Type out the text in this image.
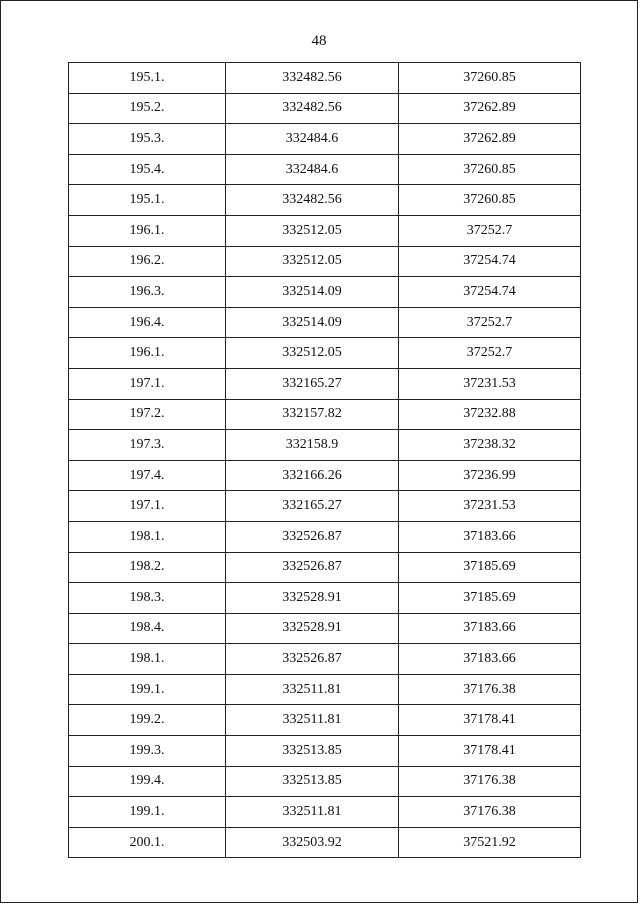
48
195.1.	332482.56	37260.85
195.2.	332482.56	37262.89
195.3.	332484.6	37262.89
195.4.	332484.6	37260.85
195.1.	332482.56	37260.85
196.1.	332512.05	37252.7
196.2.	332512.05	37254.74
196.3.	332514.09	37254.74
196.4.	332514.09	37252.7
196.1.	332512.05	37252.7
197.1.	332165.27	37231.53
197.2.	332157.82	37232.88
197.3.	332158.9	37238.32
197.4.	332166.26	37236.99
197.1.	332165.27	37231.53
198.1.	332526.87	37183.66
198.2.	332526.87	37185.69
198.3.	332528.91	37185.69
198.4.	332528.91	37183.66
198.1.	332526.87	37183.66
199.1.	332511.81	37176.38
199.2.	332511.81	37178.41
199.3.	332513.85	37178.41
199.4.	332513.85	37176.38
199.1.	332511.81	37176.38
200.1.	332503.92	37521.92
